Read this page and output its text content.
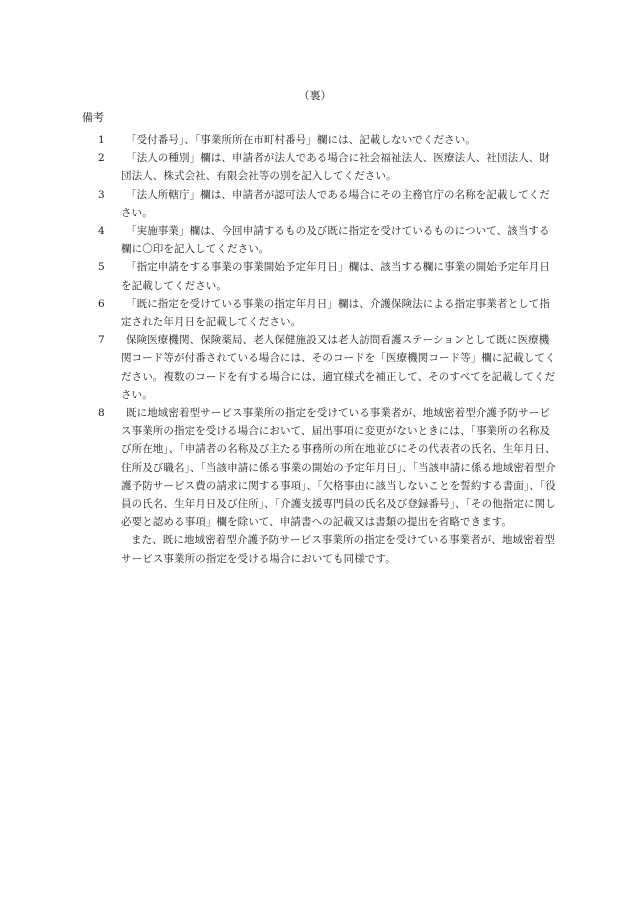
（裏）
備考
1	「受付番号」、「事業所所在市町村番号」欄には、記載しないでください。

2	「法人の種別」欄は、申請者が法人である場合に社会福祉法人、医療法人、社団法人、財団法人、株式会社、有限会社等の別を記入してください。

3	「法人所轄庁」欄は、申請者が認可法人である場合にその主務官庁の名称を記載してください。

4	「実施事業」欄は、今回申請するもの及び既に指定を受けているものについて、該当する欄に〇印を記入してください。

5	「指定申請をする事業の事業開始予定年月日」欄は、該当する欄に事業の開始予定年月日を記載してください。

6	「既に指定を受けている事業の指定年月日」欄は、介護保険法による指定事業者として指定された年月日を記載してください。

7	保険医療機関、保険薬局、老人保健施設又は老人訪問看護ステーションとして既に医療機関コード等が付番されている場合には、そのコードを「医療機関コード等」欄に記載してください。複数のコードを有する場合には、適宜様式を補正して、そのすべてを記載してください。

8	既に地域密着型サービス事業所の指定を受けている事業者が、地域密着型介護予防サービス事業所の指定を受ける場合において、届出事項に変更がないときには、「事業所の名称及び所在地」、「申請者の名称及び主たる事務所の所在地並びにその代表者の氏名、生年月日、住所及び職名」、「当該申請に係る事業の開始の予定年月日」、「当該申請に係る地域密着型介護予防サービス費の請求に関する事項」、「欠格事由に該当しないことを誓約する書面」、「役員の氏名、生年月日及び住所」、「介護支援専門員の氏名及び登録番号」、「その他指定に関し必要と認める事項」欄を除いて、申請書への記載又は書類の提出を省略できます。

また、既に地域密着型介護予防サービス事業所の指定を受けている事業者が、地域密着型サービス事業所の指定を受ける場合においても同様です。
